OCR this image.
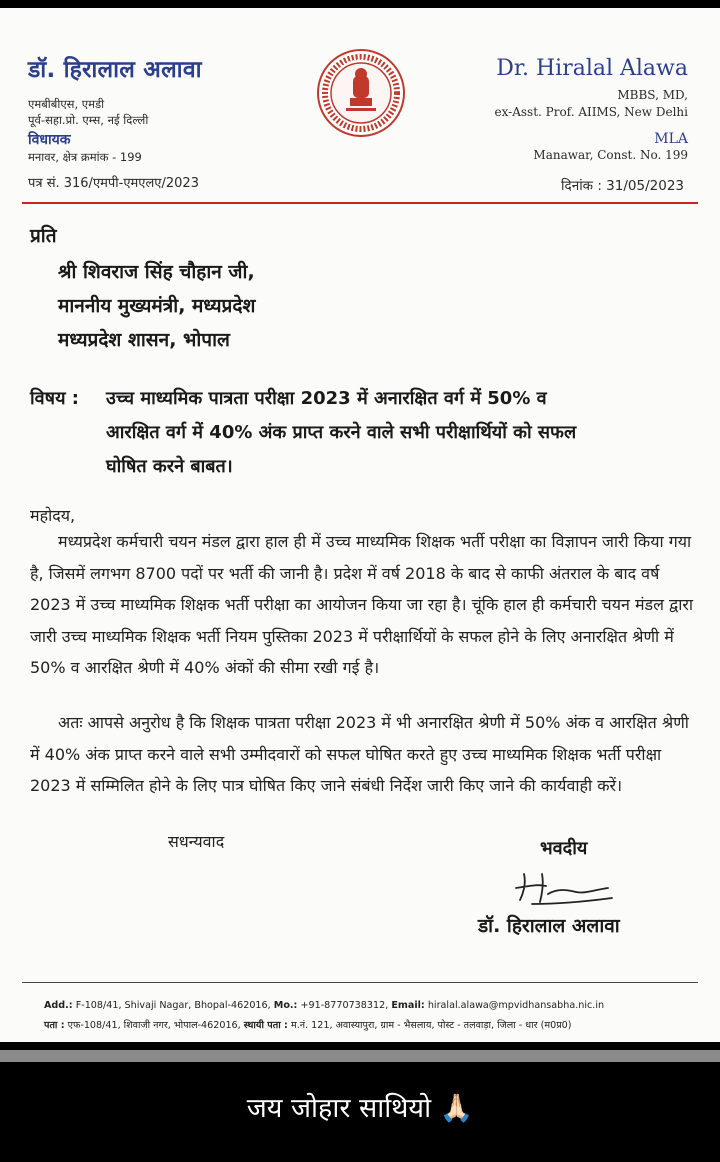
डॉ. हिरालाल अलावा
एमबीबीएस, एमडी
पूर्व-सहा.प्रो. एम्स, नई दिल्ली
विधायक
मनावर, क्षेत्र क्रमांक - 199
पत्र सं. 316/एमपी-एमएलए/2023
Dr. Hiralal Alawa
MBBS, MD,
ex-Asst. Prof. AIIMS, New Delhi
MLA
Manawar, Const. No. 199
दिनांक : 31/05/2023
प्रति
श्री शिवराज सिंह चौहान जी,
माननीय मुख्यमंत्री, मध्यप्रदेश
मध्यप्रदेश शासन, भोपाल
विषय : उच्च माध्यमिक पात्रता परीक्षा 2023 में अनारक्षित वर्ग में 50% व
आरक्षित वर्ग में 40% अंक प्राप्त करने वाले सभी परीक्षार्थियों को सफल
घोषित करने बाबत।
महोदय,
मध्यप्रदेश कर्मचारी चयन मंडल द्वारा हाल ही में उच्च माध्यमिक शिक्षक भर्ती परीक्षा का विज्ञापन जारी किया गया है, जिसमें लगभग 8700 पदों पर भर्ती की जानी है। प्रदेश में वर्ष 2018 के बाद से काफी अंतराल के बाद वर्ष 2023 में उच्च माध्यमिक शिक्षक भर्ती परीक्षा का आयोजन किया जा रहा है। चूंकि हाल ही कर्मचारी चयन मंडल द्वारा जारी उच्च माध्यमिक शिक्षक भर्ती नियम पुस्तिका 2023 में परीक्षार्थियों के सफल होने के लिए अनारक्षित श्रेणी में 50% व आरक्षित श्रेणी में 40% अंकों की सीमा रखी गई है।
अतः आपसे अनुरोध है कि शिक्षक पात्रता परीक्षा 2023 में भी अनारक्षित श्रेणी में 50% अंक व आरक्षित श्रेणी में 40% अंक प्राप्त करने वाले सभी उम्मीदवारों को सफल घोषित करते हुए उच्च माध्यमिक शिक्षक भर्ती परीक्षा 2023 में सम्मिलित होने के लिए पात्र घोषित किए जाने संबंधी निर्देश जारी किए जाने की कार्यवाही करें।
सधन्यवाद	भवदीय
डॉ. हिरालाल अलावा
Add.: F-108/41, Shivaji Nagar, Bhopal-462016, Mo.: +91-8770738312, Email: hiralal.alawa@mpvidhansabha.nic.in
पता : एफ-108/41, शिवाजी नगर, भोपाल-462016, स्थायी पता : म.नं. 121, अवास्यापुरा, ग्राम - भैसलाय, पोस्ट - तलवाड़ा, जिला - धार (म0प्र0)
जय जोहार साथियो 🙏🏻
